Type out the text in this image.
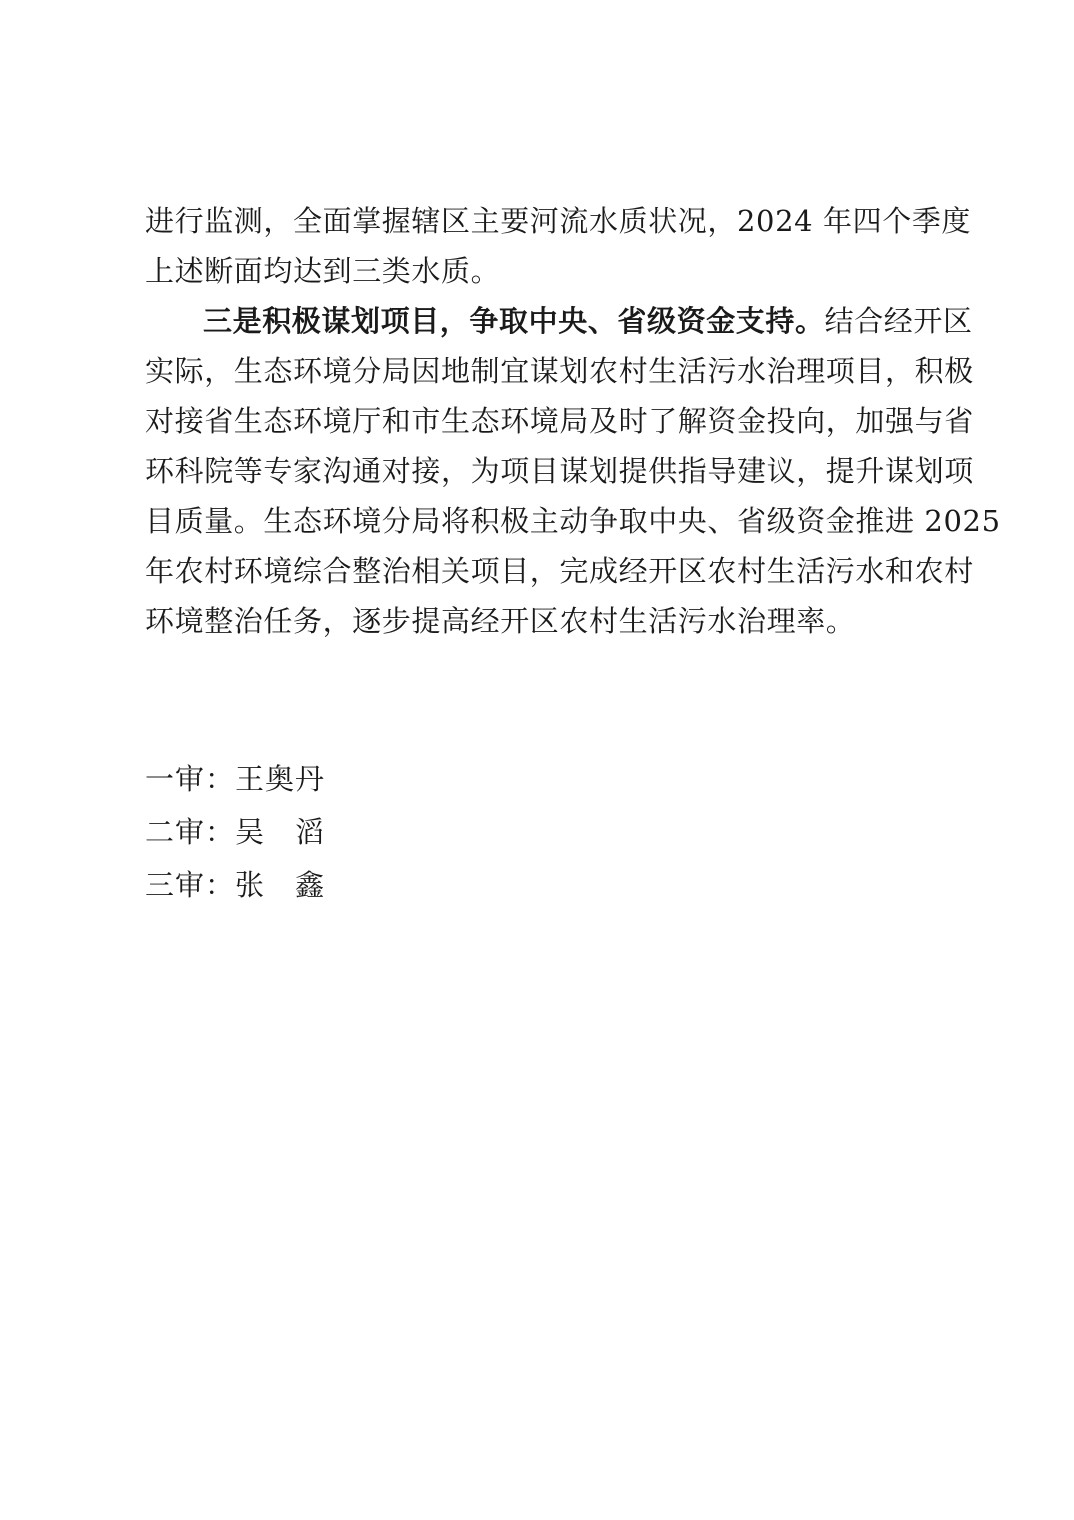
进行监测，全面掌握辖区主要河流水质状况，2024 年四个季度
上述断面均达到三类水质。
三是积极谋划项目，争取中央、省级资金支持。结合经开区
实际，生态环境分局因地制宜谋划农村生活污水治理项目，积极
对接省生态环境厅和市生态环境局及时了解资金投向，加强与省
环科院等专家沟通对接，为项目谋划提供指导建议，提升谋划项
目质量。生态环境分局将积极主动争取中央、省级资金推进 2025
年农村环境综合整治相关项目，完成经开区农村生活污水和农村
环境整治任务，逐步提高经开区农村生活污水治理率。
一审：王奥丹
二审：吴　滔
三审：张　鑫
